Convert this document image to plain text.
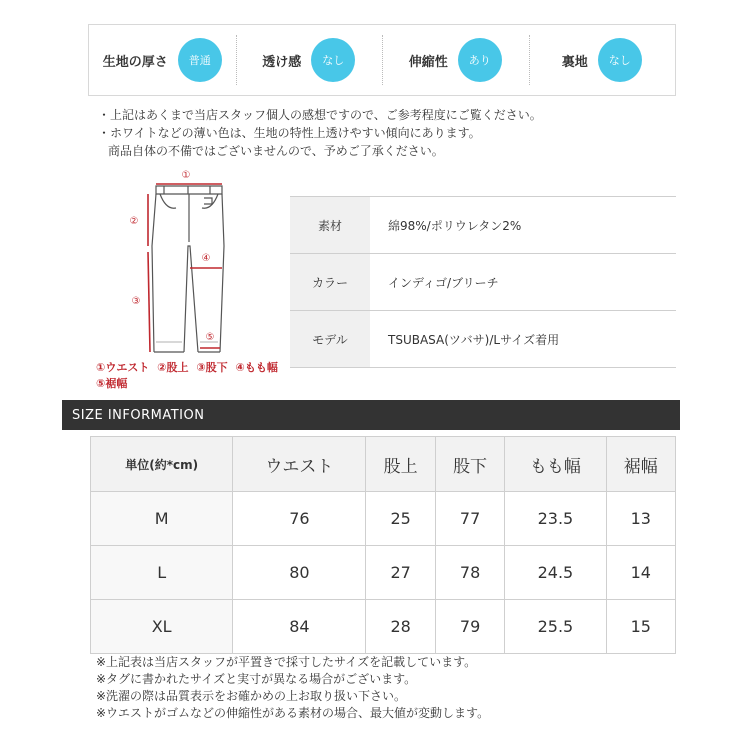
生地の厚さ	普通	透け感	なし	伸縮性	あり	裏地	なし
・上記はあくまで当店スタッフ個人の感想ですので、ご参考程度にご覧ください。
・ホワイトなどの薄い色は、生地の特性上透けやすい傾向にあります。
商品自体の不備ではございませんので、予めご了承ください。
①
②
③
④
⑤
①ウエスト ②股上 ③股下 ④もも幅
⑤裾幅
素材	綿98%/ポリウレタン2%
カラー	インディゴ/ブリーチ
モデル	TSUBASA(ツバサ)/Lサイズ着用
SIZE INFORMATION
単位(約*cm)	ウエスト	股上	股下	もも幅	裾幅
M	76	25	77	23.5	13
L	80	27	78	24.5	14
XL	84	28	79	25.5	15
※上記表は当店スタッフが平置きで採寸したサイズを記載しています。
※タグに書かれたサイズと実寸が異なる場合がございます。
※洗濯の際は品質表示をお確かめの上お取り扱い下さい。
※ウエストがゴムなどの伸縮性がある素材の場合、最大値が変動します。
